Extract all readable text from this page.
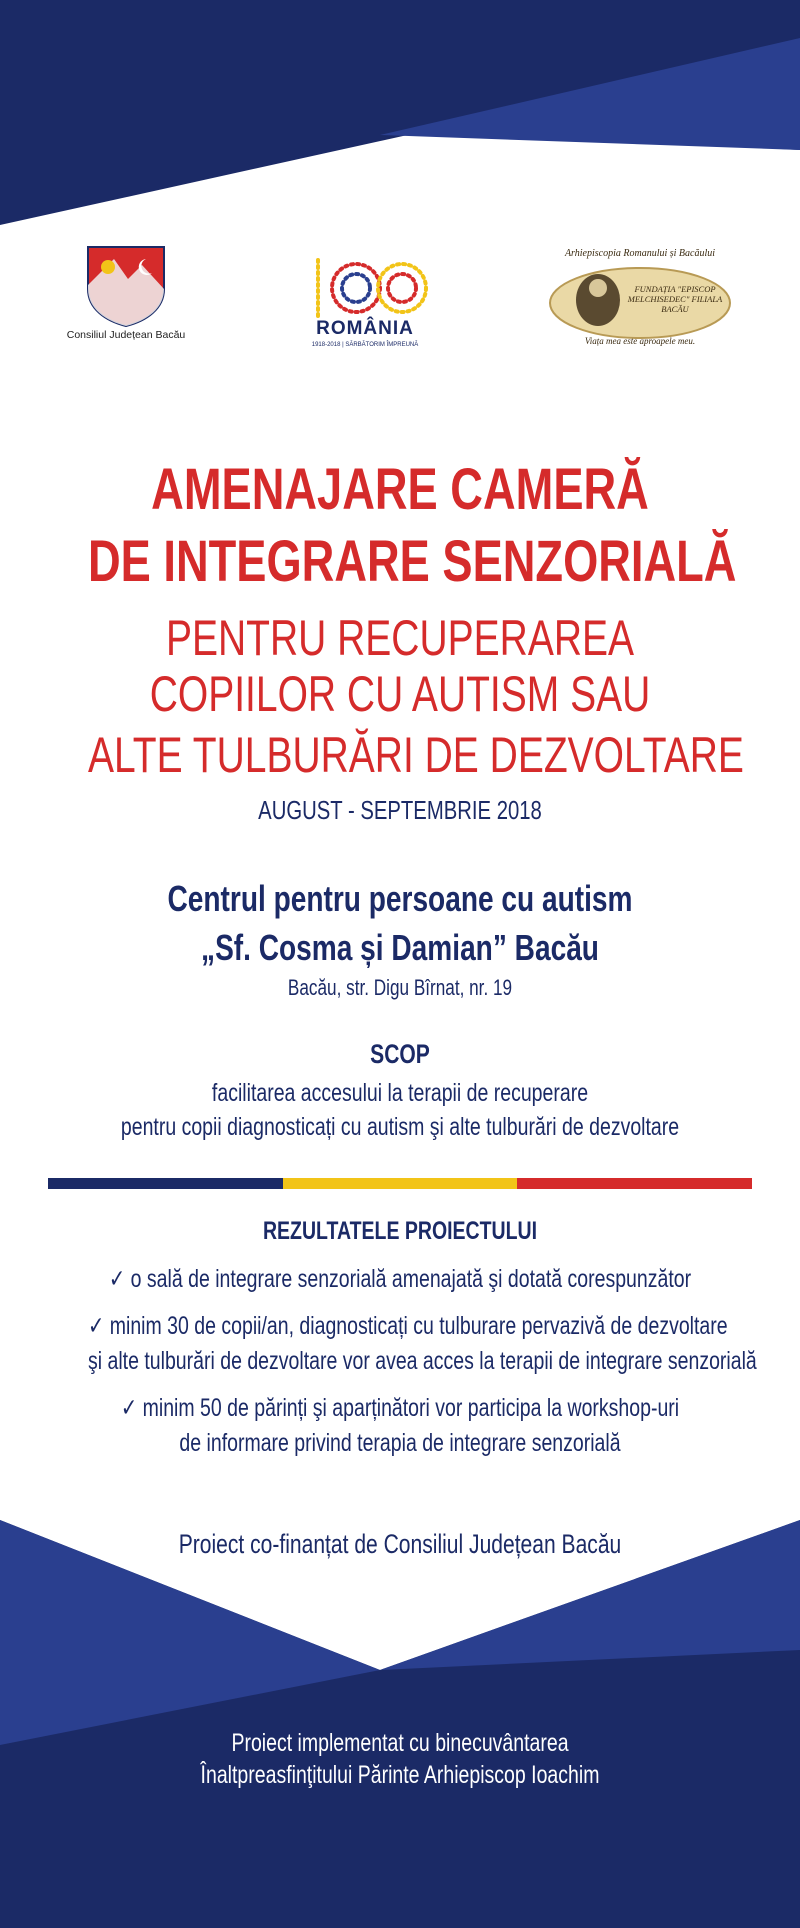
Consiliul Județean Bacău	ROMÂNIA
1918-2018 | SĂRBĂTORIM ÎMPREUNĂ
Arhiepiscopia Romanului și Bacăului
FUNDAȚIA "EPISCOP MELCHISEDEC" FILIALA BACĂU
Viața mea este aproapele meu.
AMENAJARE CAMERĂ
DE INTEGRARE SENZORIALĂ
PENTRU RECUPERAREA
COPIILOR CU AUTISM SAU
ALTE TULBURĂRI DE DEZVOLTARE
AUGUST - SEPTEMBRIE 2018
Centrul pentru persoane cu autism
„Sf. Cosma și Damian” Bacău
Bacău, str. Digu Bîrnat, nr. 19
SCOP
facilitarea accesului la terapii de recuperare
pentru copii diagnosticați cu autism şi alte tulburări de dezvoltare
REZULTATELE PROIECTULUI
✓ o sală de integrare senzorială amenajată şi dotată corespunzător
✓ minim 30 de copii/an, diagnosticați cu tulburare pervazivă de dezvoltare
şi alte tulburări de dezvoltare vor avea acces la terapii de integrare senzorială
✓ minim 50 de părinți şi aparținători vor participa la workshop-uri
de informare privind terapia de integrare senzorială
Proiect co-finanțat de Consiliul Județean Bacău
Proiect implementat cu binecuvântarea
Înaltpreasfinţitului Părinte Arhiepiscop Ioachim
